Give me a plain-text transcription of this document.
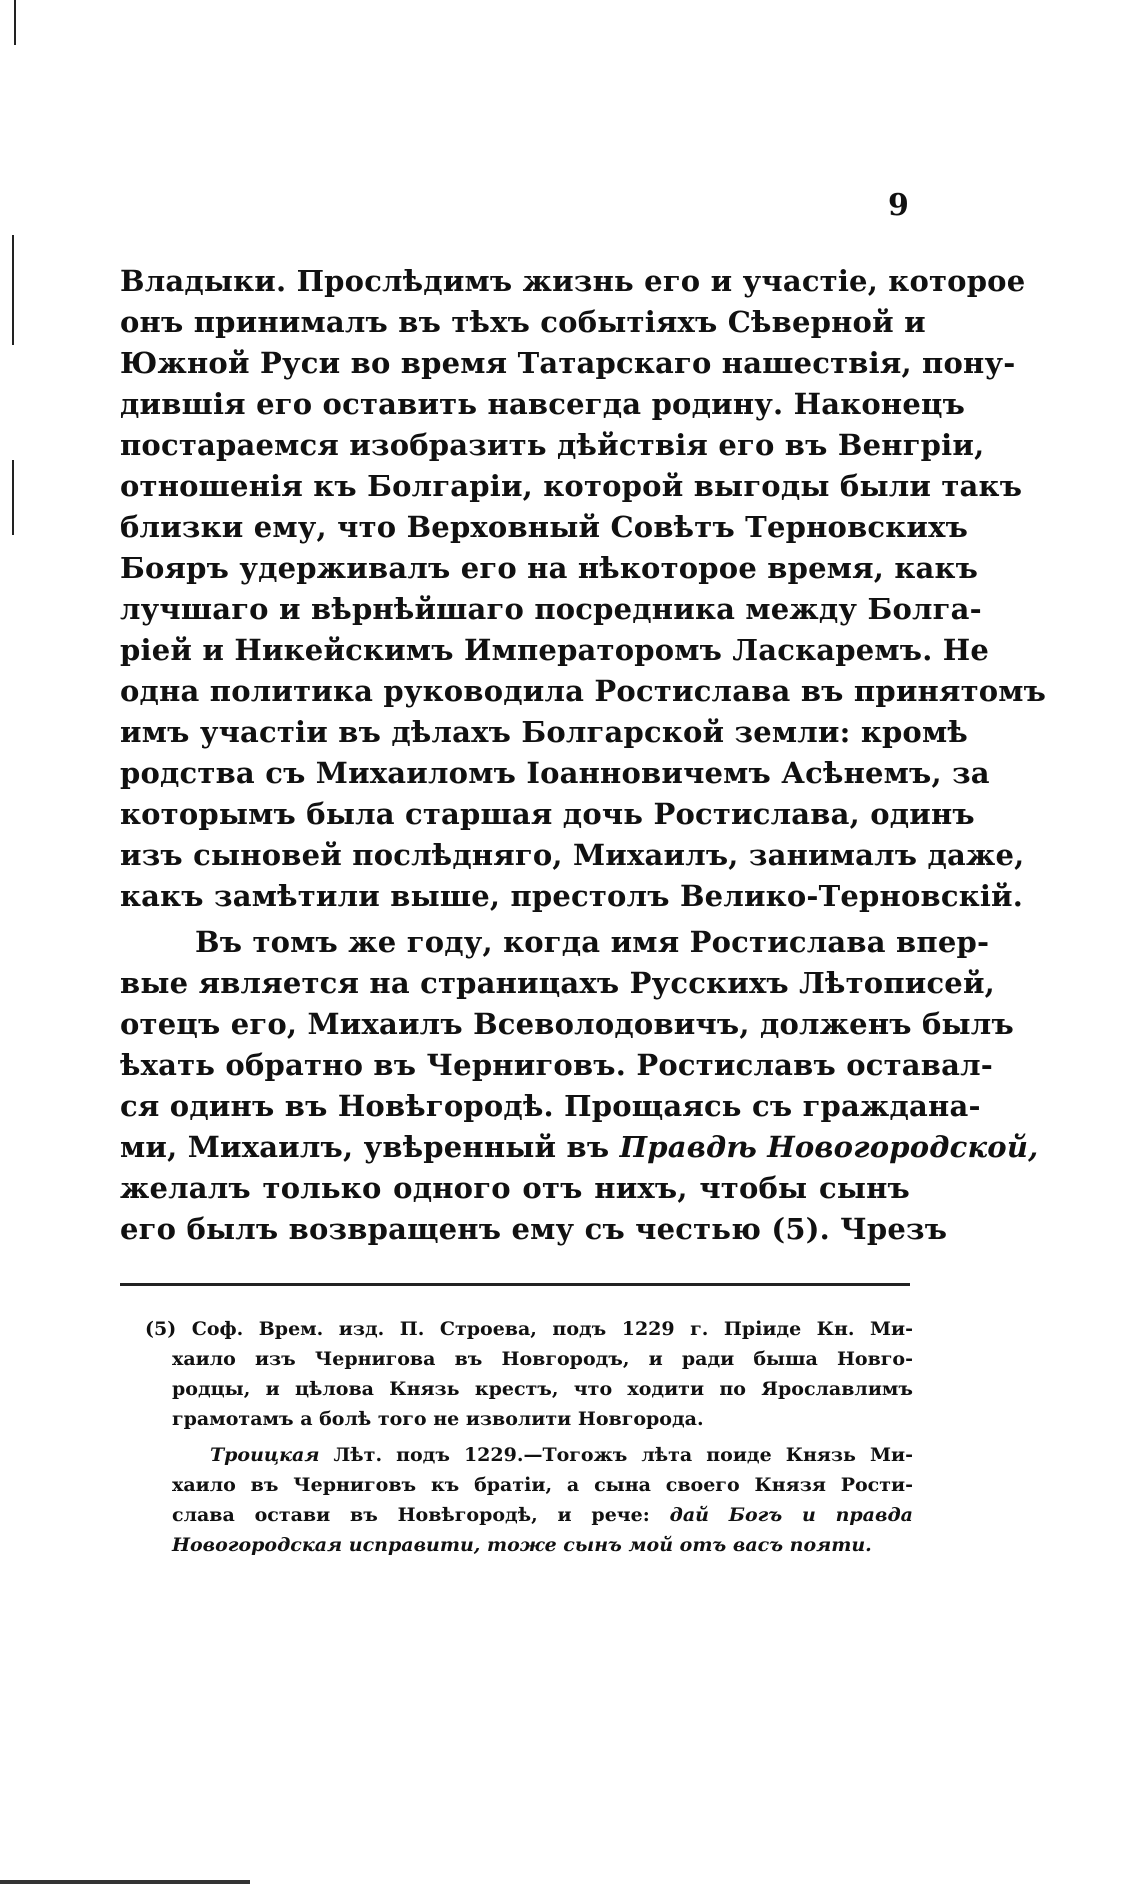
9
Владыки. Прослѣдимъ жизнь его и участіе, которое
онъ принималъ въ тѣхъ событіяхъ Сѣверной и
Южной Руси во время Татарскаго нашествія, пону-
дившія его оставить навсегда родину. Наконецъ
постараемся изобразить дѣйствія его въ Венгріи,
отношенія къ Болгаріи, которой выгоды были такъ
близки ему, что Верховный Совѣтъ Терновскихъ
Бояръ удерживалъ его на нѣкоторое время, какъ
лучшаго и вѣрнѣйшаго посредника между Болга-
ріей и Никейскимъ Императоромъ Ласкаремъ. Не
одна политика руководила Ростислава въ принятомъ
имъ участіи въ дѣлахъ Болгарской земли: кромѣ
родства съ Михаиломъ Іоанновичемъ Асѣнемъ, за
которымъ была старшая дочь Ростислава, одинъ
изъ сыновей послѣдняго, Михаилъ, занималъ даже,
какъ замѣтили выше, престолъ Велико-Терновскій.
Въ томъ же году, когда имя Ростислава впер-
вые является на страницахъ Русскихъ Лѣтописей,
отецъ его, Михаилъ Всеволодовичъ, долженъ былъ
ѣхать обратно въ Черниговъ. Ростиславъ оставал-
ся одинъ въ Новѣгородѣ. Прощаясь съ граждана-
ми, Михаилъ, увѣренный въ Правдѣ Новогородской,
желалъ только одного отъ нихъ, чтобы сынъ
его былъ возвращенъ ему съ честью (5). Чрезъ
(5) Соф. Врем. изд. П. Строева, подъ 1229 г. Пріиде Кн. Ми-
хаило изъ Чернигова въ Новгородъ, и ради быша Новго-
родцы, и цѣлова Князь крестъ, что ходити по Ярославлимъ
грамотамъ а болѣ того не изволити Новгорода.
Троицкая Лѣт. подъ 1229.—Тогожъ лѣта поиде Князь Ми-
хаило въ Черниговъ къ братіи, а сына своего Князя Рости-
слава остави въ Новѣгородѣ, и рече: дай Богъ и правда
Новогородская исправити, тоже сынъ мой отъ васъ пояти.
